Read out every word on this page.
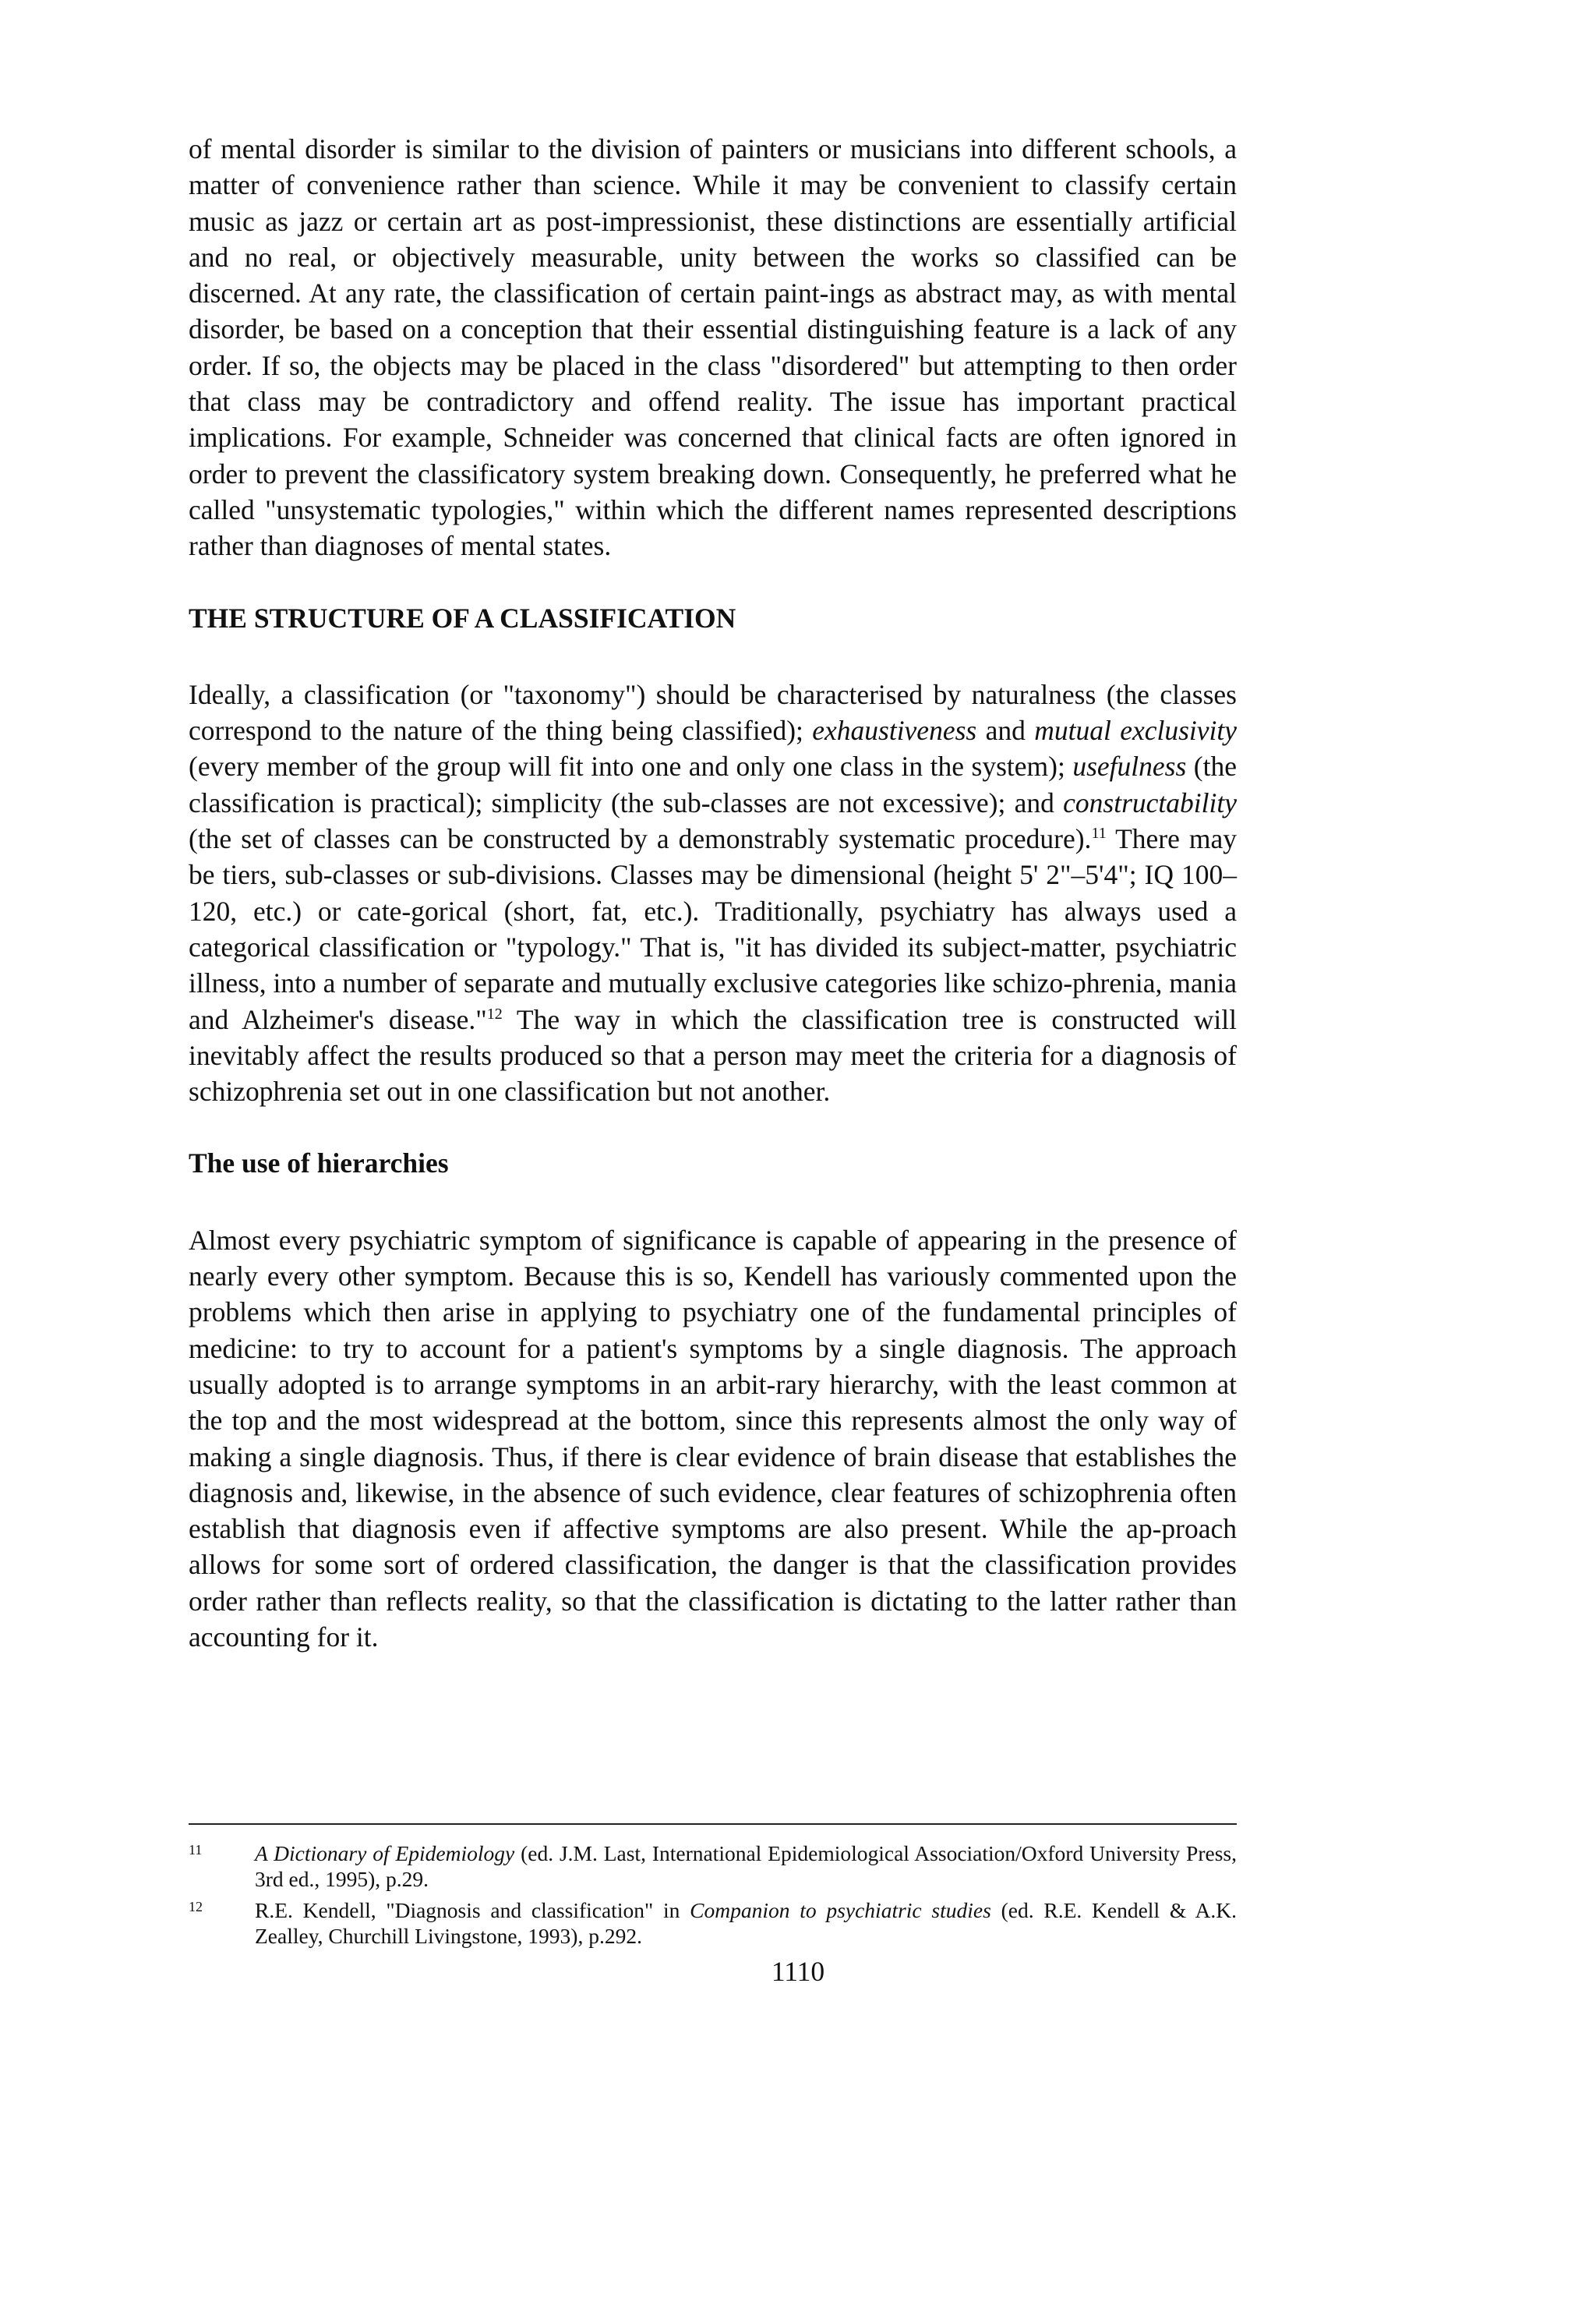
of mental disorder is similar to the division of painters or musicians into different schools, a matter of convenience rather than science. While it may be convenient to classify certain music as jazz or certain art as post-impressionist, these distinctions are essentially artificial and no real, or objectively measurable, unity between the works so classified can be discerned. At any rate, the classification of certain paint-ings as abstract may, as with mental disorder, be based on a conception that their essential distinguishing feature is a lack of any order. If so, the objects may be placed in the class "disordered" but attempting to then order that class may be contradictory and offend reality. The issue has important practical implications. For example, Schneider was concerned that clinical facts are often ignored in order to prevent the classificatory system breaking down. Consequently, he preferred what he called "unsystematic typologies," within which the different names represented descriptions rather than diagnoses of mental states.

THE STRUCTURE OF A CLASSIFICATION

Ideally, a classification (or "taxonomy") should be characterised by naturalness (the classes correspond to the nature of the thing being classified); exhaustiveness and mutual exclusivity (every member of the group will fit into one and only one class in the system); usefulness (the classification is practical); simplicity (the sub-classes are not excessive); and constructability (the set of classes can be constructed by a demonstrably systematic procedure).$^{11}$ There may be tiers, sub-classes or sub-divisions. Classes may be dimensional (height 5' 2"–5'4"; IQ 100–120, etc.) or cate-gorical (short, fat, etc.). Traditionally, psychiatry has always used a categorical classification or "typology." That is, "it has divided its subject-matter, psychiatric illness, into a number of separate and mutually exclusive categories like schizo-phrenia, mania and Alzheimer's disease."$^{12}$ The way in which the classification tree is constructed will inevitably affect the results produced so that a person may meet the criteria for a diagnosis of schizophrenia set out in one classification but not another.

The use of hierarchies

Almost every psychiatric symptom of significance is capable of appearing in the presence of nearly every other symptom. Because this is so, Kendell has variously commented upon the problems which then arise in applying to psychiatry one of the fundamental principles of medicine: to try to account for a patient's symptoms by a single diagnosis. The approach usually adopted is to arrange symptoms in an arbit-rary hierarchy, with the least common at the top and the most widespread at the bottom, since this represents almost the only way of making a single diagnosis. Thus, if there is clear evidence of brain disease that establishes the diagnosis and, likewise, in the absence of such evidence, clear features of schizophrenia often establish that diagnosis even if affective symptoms are also present. While the ap-proach allows for some sort of ordered classification, the danger is that the classification provides order rather than reflects reality, so that the classification is dictating to the latter rather than accounting for it.

11 A Dictionary of Epidemiology (ed. J.M. Last, International Epidemiological Association/Oxford University Press, 3rd ed., 1995), p.29.
12 R.E. Kendell, "Diagnosis and classification" in Companion to psychiatric studies (ed. R.E. Kendell & A.K. Zealley, Churchill Livingstone, 1993), p.292.
1110
